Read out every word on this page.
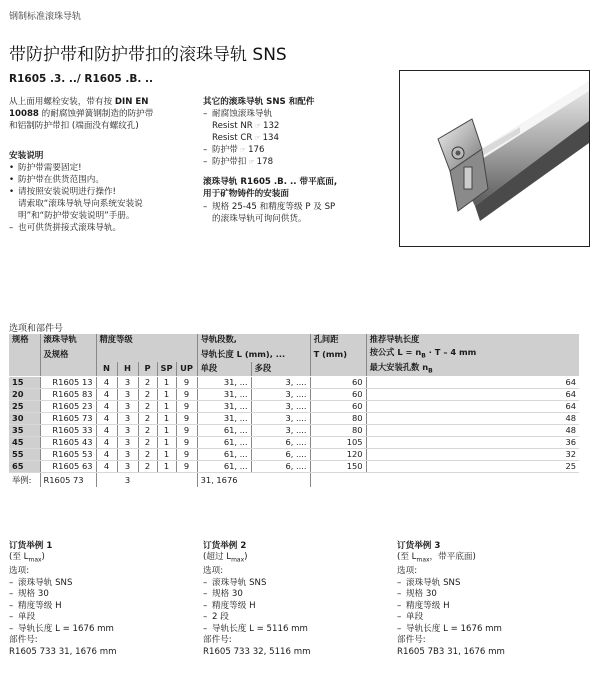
钢制标准滚珠导轨
带防护带和防护带扣的滚珠导轨 SNS
R1605 .3. ../ R1605 .B. ..
从上面用螺栓安装，带有按 DIN EN
10088 的耐腐蚀弹簧钢制造的防护带
和铝制防护带扣 (端面没有螺纹孔)
安装说明
• 防护带需要固定!
• 防护带在供货范围内。
• 请按照安装说明进行操作!
请索取“滚珠导轨导向系统安装说
明”和“防护带安装说明”手册。
– 也可供货拼接式滚珠导轨。
其它的滚珠导轨 SNS 和配件
– 耐腐蚀滚珠导轨
Resist NR ☞ 132
Resist CR ☞ 134
– 防护带 ☞ 176
– 防护带扣 ☞ 178
滚珠导轨 R1605 .B. .. 带平底面,
用于矿物铸件的安装面
– 规格 25-45 和精度等级 P 及 SP
的滚珠导轨可询问供货。
选项和部件号
规格	滚珠导轨	精度等级					导轨段数,		孔间距	推荐导轨长度
	及规格						导轨长度 L (mm), ...		T (mm)	按公式 $L = n_B \cdot T - 4$ mm
		N	H	P	SP	UP	单段	多段		最大安装孔数 $n_B$
15	R1605 13	4	3	2	1	9	31, ...	3, ....	60	64
20	R1605 83	4	3	2	1	9	31, ...	3, ....	60	64
25	R1605 23	4	3	2	1	9	31, ...	3, ....	60	64
30	R1605 73	4	3	2	1	9	31, ...	3, ....	80	48
35	R1605 33	4	3	2	1	9	61, ...	3, ....	80	48
45	R1605 43	4	3	2	1	9	61, ...	6, ....	105	36
55	R1605 53	4	3	2	1	9	61, ...	6, ....	120	32
65	R1605 63	4	3	2	1	9	61, ...	6, ....	150	25
举例:	R1605 73		3				31, 1676			
订货举例 1
(至 $L_{max}$)
选项:
– 滚珠导轨 SNS
– 规格 30
– 精度等级 H
– 单段
– 导轨长度 L = 1676 mm
部件号:
R1605 733 31, 1676 mm
订货举例 2
(超过 $L_{max}$)
选项:
– 滚珠导轨 SNS
– 规格 30
– 精度等级 H
– 2 段
– 导轨长度 L = 5116 mm
部件号:
R1605 733 32, 5116 mm
订货举例 3
(至 $L_{max}$，带平底面)
选项:
– 滚珠导轨 SNS
– 规格 30
– 精度等级 H
– 单段
– 导轨长度 L = 1676 mm
部件号:
R1605 7B3 31, 1676 mm
